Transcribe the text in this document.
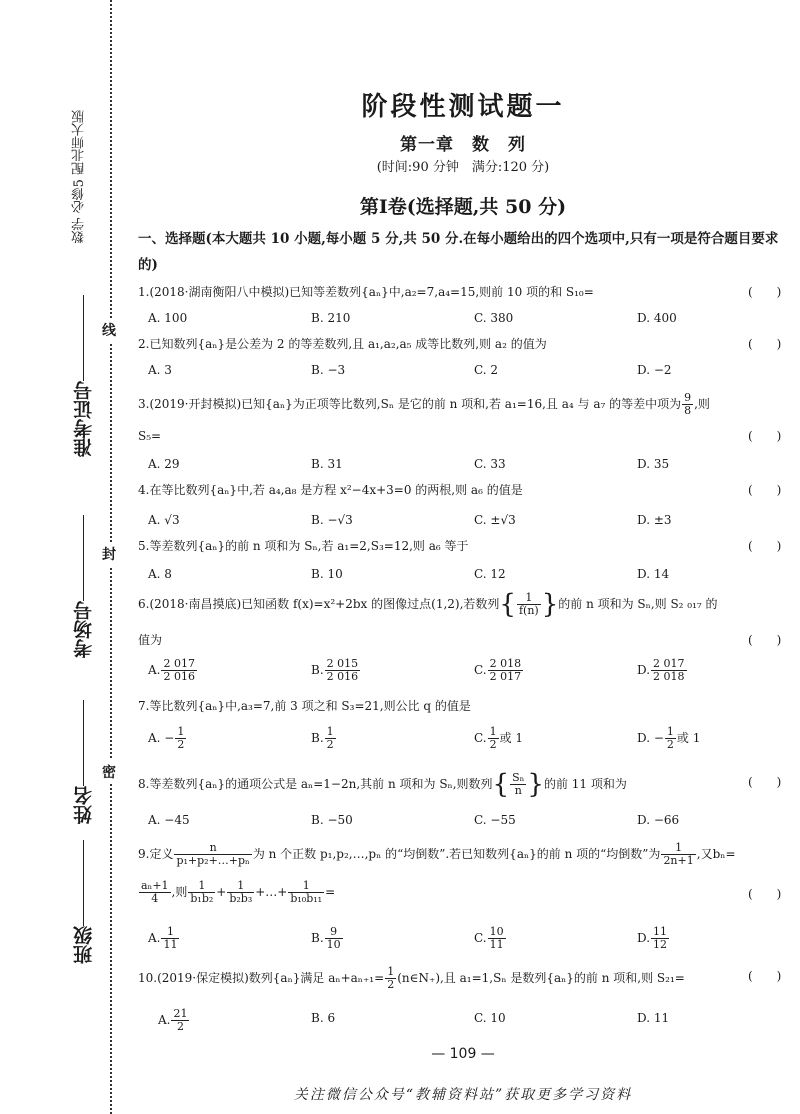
数学 必修5 配北师大版
准考证号
考场号
姓名
班级
线
封
密
阶段性测试题一
第一章　数　列
(时间:90 分钟　满分:120 分)
第Ⅰ卷(选择题,共 50 分)
一、选择题(本大题共 10 小题,每小题 5 分,共 50 分.在每小题给出的四个选项中,只有一项是符合题目要求的)
1.(2018·湖南衡阳八中模拟)已知等差数列{aₙ}中,a₂=7,a₄=15,则前 10 项的和 S₁₀=	(　　)
A. 100	B. 210	C. 380	D. 400
2.已知数列{aₙ}是公差为 2 的等差数列,且 a₁,a₂,a₅ 成等比数列,则 a₂ 的值为	(　　)
A. 3	B. −3	C. 2	D. −2
3.(2019·开封模拟)已知{aₙ}为正项等比数列,Sₙ 是它的前 n 项和,若 a₁=16,且 a₄ 与 a₇ 的等差中项为 $\frac{9}{8}$ ,则
S₅=	(　　)
A. 29	B. 31	C. 33	D. 35
4.在等比数列{aₙ}中,若 a₄,a₈ 是方程 x²−4x+3=0 的两根,则 a₆ 的值是	(　　)
A. √3	B. −√3	C. ±√3	D. ±3
5.等差数列{aₙ}的前 n 项和为 Sₙ,若 a₁=2,S₃=12,则 a₆ 等于	(　　)
A. 8	B. 10	C. 12	D. 14
6.(2018·南昌摸底)已知函数 f(x)=x²+2bx 的图像过点(1,2),若数列{ $\frac{1}{f(n)}$ }的前 n 项和为 Sₙ,则 S₂ ₀₁₇ 的
值为	(　　)
A. $\frac{2 017}{2 016}$	B. $\frac{2 015}{2 016}$	C. $\frac{2 018}{2 017}$	D. $\frac{2 017}{2 018}$
7.等比数列{aₙ}中,a₃=7,前 3 项之和 S₃=21,则公比 q 的值是
A. − $\frac{1}{2}$	B. $\frac{1}{2}$	C. $\frac{1}{2}$ 或 1	D. − $\frac{1}{2}$ 或 1
8.等差数列{aₙ}的通项公式是 aₙ=1−2n,其前 n 项和为 Sₙ,则数列{ $\frac{\text{Sₙ}}{n}$ }的前 11 项和为	(　　)
A. −45	B. −50	C. −55	D. −66
9.定义 $\frac{n}{\text{p₁+p₂+…+pₙ}}$ 为 n 个正数 p₁,p₂,…,pₙ 的“均倒数”.若已知数列{aₙ}的前 n 项的“均倒数”为 $\frac{1}{2n+1}$ ,又bₙ=
$\frac{\text{aₙ+1}}{4}$ ,则 $\frac{1}{\text{b₁b₂}} + \frac{1}{\text{b₂b₃}}$ +…+ $\frac{1}{\text{b₁₀b₁₁}}$ =	(　　)
A. $\frac{1}{11}$	B. $\frac{9}{10}$	C. $\frac{10}{11}$	D. $\frac{11}{12}$
10.(2019·保定模拟)数列{aₙ}满足 $a_n+a_{n+1}= \frac{1}{2}$ (n∈N₊),且 a₁=1,Sₙ 是数列{aₙ}的前 n 项和,则 S₂₁=	(　　)
A. $\frac{21}{2}$	B. 6	C. 10	D. 11
— 109 —
关注微信公众号“教辅资料站”获取更多学习资料
